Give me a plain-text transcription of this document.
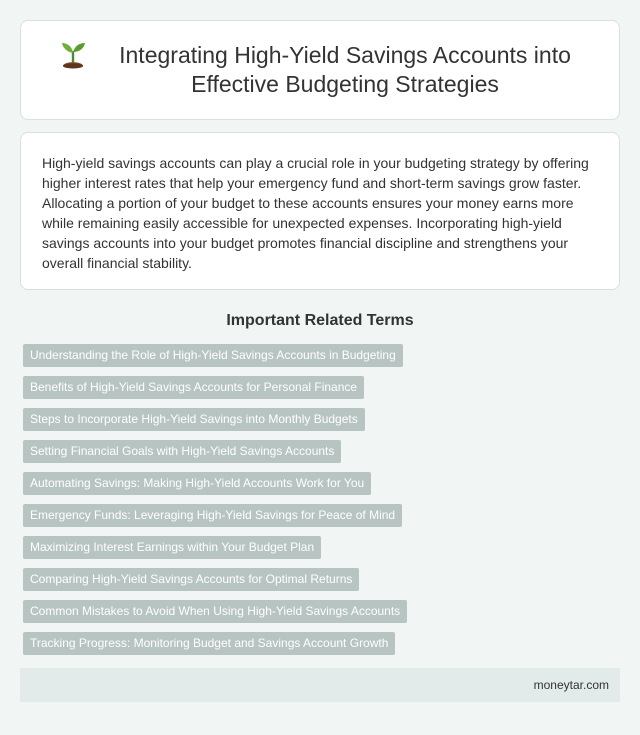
Integrating High-Yield Savings Accounts into Effective Budgeting Strategies

High-yield savings accounts can play a crucial role in your budgeting strategy by offering higher interest rates that help your emergency fund and short-term savings grow faster. Allocating a portion of your budget to these accounts ensures your money earns more while remaining easily accessible for unexpected expenses. Incorporating high-yield savings accounts into your budget promotes financial discipline and strengthens your overall financial stability.

Important Related Terms
Understanding the Role of High-Yield Savings Accounts in Budgeting
Benefits of High-Yield Savings Accounts for Personal Finance
Steps to Incorporate High-Yield Savings into Monthly Budgets
Setting Financial Goals with High-Yield Savings Accounts
Automating Savings: Making High-Yield Accounts Work for You
Emergency Funds: Leveraging High-Yield Savings for Peace of Mind
Maximizing Interest Earnings within Your Budget Plan
Comparing High-Yield Savings Accounts for Optimal Returns
Common Mistakes to Avoid When Using High-Yield Savings Accounts
Tracking Progress: Monitoring Budget and Savings Account Growth
moneytar.com
